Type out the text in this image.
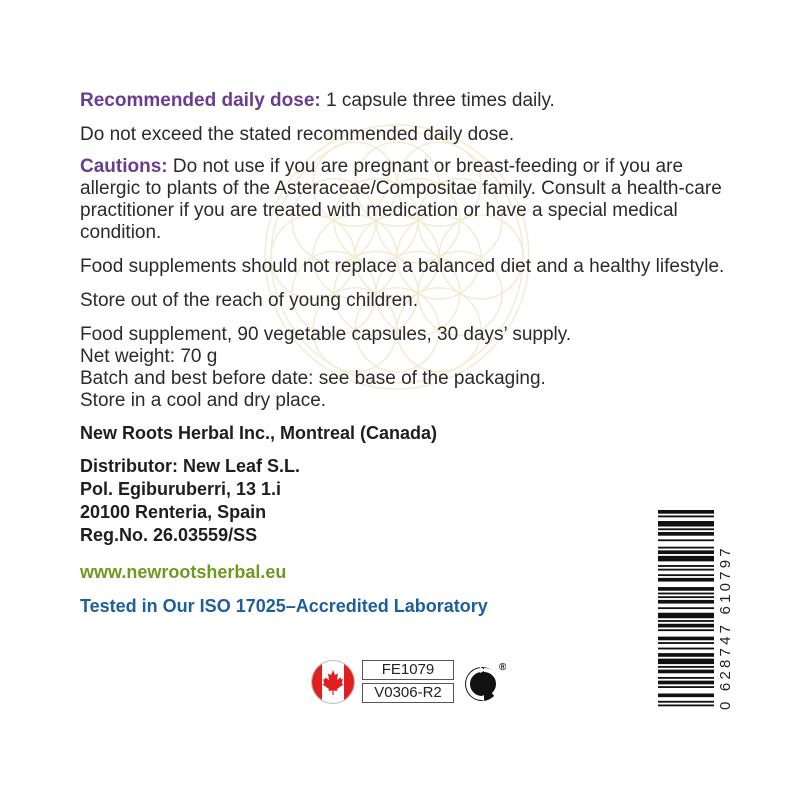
Recommended daily dose: 1 capsule three times daily.

Do not exceed the stated recommended daily dose.

Cautions: Do not use if you are pregnant or breast-feeding or if you are allergic to plants of the Asteraceae/Compositae family. Consult a health-care practitioner if you are treated with medication or have a special medical condition.

Food supplements should not replace a balanced diet and a healthy lifestyle.

Store out of the reach of young children.

Food supplement, 90 vegetable capsules, 30 days’ supply.

Net weight: 70 g

Batch and best before date: see base of the packaging.

Store in a cool and dry place.

New Roots Herbal Inc., Montreal (Canada)

Distributor: New Leaf S.L.

Pol. Egiburuberri, 13 1.i

20100 Renteria, Spain

Reg.No. 26.03559/SS

www.newrootsherbal.eu

Tested in Our ISO 17025–Accredited Laboratory

FE1079
V0306-R2
®	0 628747 610797
